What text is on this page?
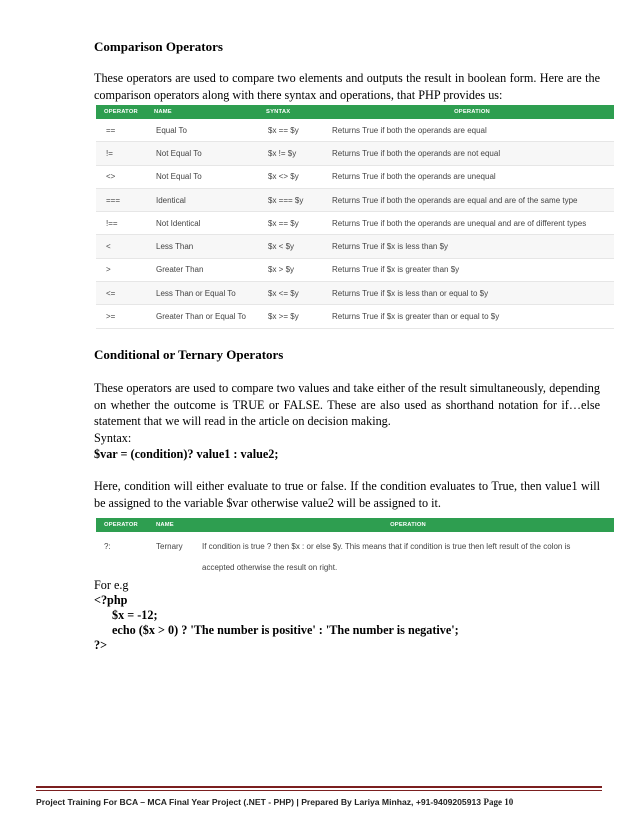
Comparison Operators

These operators are used to compare two elements and outputs the result in boolean form. Here are the comparison operators along with there syntax and operations, that PHP provides us:

OPERATOR	NAME	SYNTAX	OPERATION
==	Equal To	$x == $y	Returns True if both the operands are equal
!=	Not Equal To	$x != $y	Returns True if both the operands are not equal
<>	Not Equal To	$x <> $y	Returns True if both the operands are unequal
===	Identical	$x === $y	Returns True if both the operands are equal and are of the same type
!==	Not Identical	$x == $y	Returns True if both the operands are unequal and are of different types
<	Less Than	$x < $y	Returns True if $x is less than $y
>	Greater Than	$x > $y	Returns True if $x is greater than $y
<=	Less Than or Equal To	$x <= $y	Returns True if $x is less than or equal to $y
>=	Greater Than or Equal To	$x >= $y	Returns True if $x is greater than or equal to $y
Conditional or Ternary Operators

These operators are used to compare two values and take either of the result simultaneously, depending on whether the outcome is TRUE or FALSE. These are also used as shorthand notation for if…else statement that we will read in the article on decision making.

Syntax:

$var = (condition)? value1 : value2;

Here, condition will either evaluate to true or false. If the condition evaluates to True, then value1 will be assigned to the variable $var otherwise value2 will be assigned to it.

OPERATOR	NAME	OPERATION
?:	Ternary	If condition is true ? then $x : or else $y. This means that if condition is true then left result of the colon is accepted otherwise the result on right.
For e.g
<?php
$x = -12;
echo ($x > 0) ? 'The number is positive' : 'The number is negative';
?>
Project Training For BCA – MCA Final Year Project (.NET - PHP) | Prepared By Lariya Minhaz, +91-9409205913 Page 10
